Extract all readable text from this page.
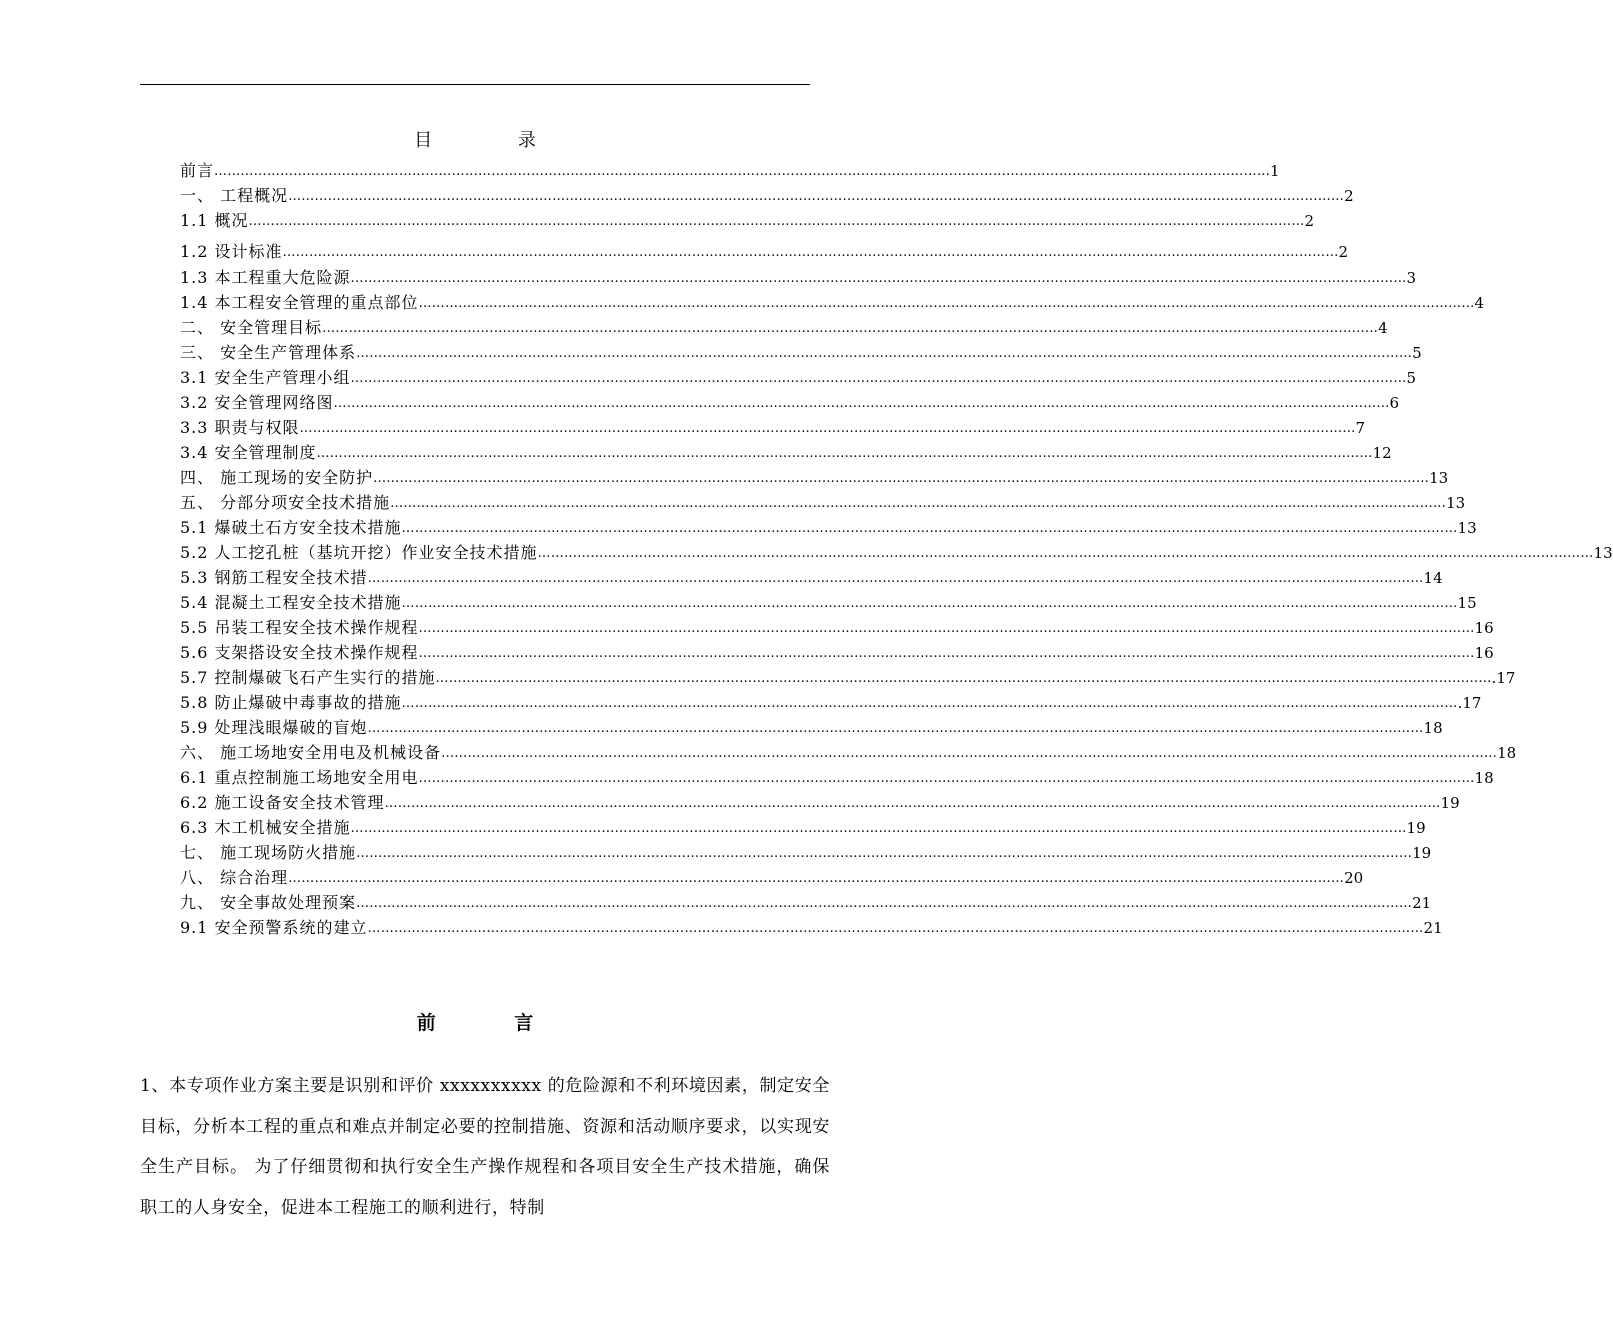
目 录
前言 …………………………………………………………………………………………………………………………………………………………………………………………………………………… 1
一、 工程概况 …………………………………………………………………………………………………………………………………………………………………………………………………………………… 2
1.1 概况 …………………………………………………………………………………………………………………………………………………………………………………………………………………… 2
1.2 设计标准 …………………………………………………………………………………………………………………………………………………………………………………………………………………… 2
1.3 本工程重大危险源 …………………………………………………………………………………………………………………………………………………………………………………………………………………… 3
1.4 本工程安全管理的重点部位 …………………………………………………………………………………………………………………………………………………………………………………………………………………… 4
二、 安全管理目标 …………………………………………………………………………………………………………………………………………………………………………………………………………………… 4
三、 安全生产管理体系 …………………………………………………………………………………………………………………………………………………………………………………………………………………… 5
3.1 安全生产管理小组 …………………………………………………………………………………………………………………………………………………………………………………………………………………… 5
3.2 安全管理网络图 …………………………………………………………………………………………………………………………………………………………………………………………………………………… 6
3.3 职责与权限 …………………………………………………………………………………………………………………………………………………………………………………………………………………… 7
3.4 安全管理制度 …………………………………………………………………………………………………………………………………………………………………………………………………………………… 12
四、 施工现场的安全防护 …………………………………………………………………………………………………………………………………………………………………………………………………………………… 13
五、 分部分项安全技术措施 …………………………………………………………………………………………………………………………………………………………………………………………………………………… 13
5.1 爆破土石方安全技术措施 …………………………………………………………………………………………………………………………………………………………………………………………………………………… 13
5.2 人工挖孔桩（基坑开挖）作业安全技术措施 …………………………………………………………………………………………………………………………………………………………………………………………………………………… 13
5.3 钢筋工程安全技术措 …………………………………………………………………………………………………………………………………………………………………………………………………………………… 14
5.4 混凝土工程安全技术措施 …………………………………………………………………………………………………………………………………………………………………………………………………………………… 15
5.5 吊装工程安全技术操作规程 …………………………………………………………………………………………………………………………………………………………………………………………………………………… 16
5.6 支架搭设安全技术操作规程 …………………………………………………………………………………………………………………………………………………………………………………………………………………… 16
5.7 控制爆破飞石产生实行的措施 …………………………………………………………………………………………………………………………………………………………………………………………………………………… .17
5.8 防止爆破中毒事故的措施 …………………………………………………………………………………………………………………………………………………………………………………………………………………… .17
5.9 处理浅眼爆破的盲炮 …………………………………………………………………………………………………………………………………………………………………………………………………………………… 18
六、 施工场地安全用电及机械设备 …………………………………………………………………………………………………………………………………………………………………………………………………………………… 18
6.1 重点控制施工场地安全用电 …………………………………………………………………………………………………………………………………………………………………………………………………………………… 18
6.2 施工设备安全技术管理 …………………………………………………………………………………………………………………………………………………………………………………………………………………… 19
6.3 木工机械安全措施 …………………………………………………………………………………………………………………………………………………………………………………………………………………… 19
七、 施工现场防火措施 …………………………………………………………………………………………………………………………………………………………………………………………………………………… 19
八、 综合治理 …………………………………………………………………………………………………………………………………………………………………………………………………………………… 20
九、 安全事故处理预案 …………………………………………………………………………………………………………………………………………………………………………………………………………………… 21
9.1 安全预警系统的建立 …………………………………………………………………………………………………………………………………………………………………………………………………………………… 21
前 言

1、本专项作业方案主要是识别和评价 xxxxxxxxxx 的危险源和不利环境因素，制定安全目标，分析本工程的重点和难点并制定必要的控制措施、资源和活动顺序要求，以实现安全生产目标。 为了仔细贯彻和执行安全生产操作规程和各项目安全生产技术措施，确保职工的人身安全，促进本工程施工的顺利进行，特制
